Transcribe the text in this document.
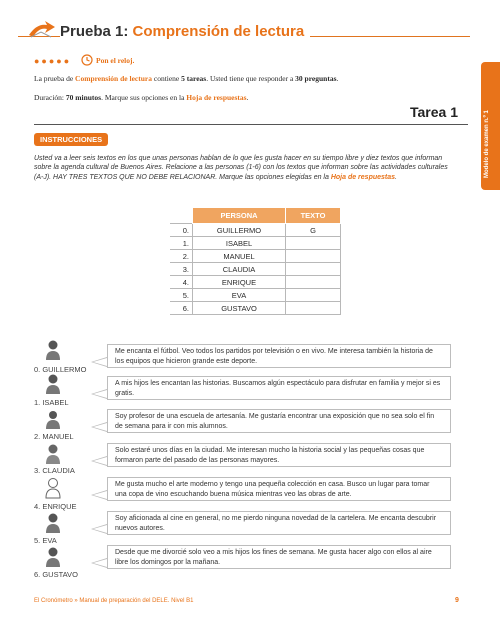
Prueba 1: Comprensión de lectura
●●●●●	Pon el reloj.
La prueba de Comprensión de lectura contiene 5 tareas. Usted tiene que responder a 30 preguntas.
Duración: 70 minutos. Marque sus opciones en la Hoja de respuestas.
Modelo de examen n.º 1
Tarea 1
INSTRUCCIONES
Usted va a leer seis textos en los que unas personas hablan de lo que les gusta hacer en su tiempo libre y diez textos que informan sobre la agenda cultural de Buenos Aires. Relacione a las personas (1-6) con los textos que informan sobre las actividades culturales (A-J). HAY TRES TEXTOS QUE NO DEBE RELACIONAR. Marque las opciones elegidas en la Hoja de respuestas.
	PERSONA	TEXTO
0.	GUILLERMO	G
1.	ISABEL	
2.	MANUEL	
3.	CLAUDIA	
4.	ENRIQUE	
5.	EVA	
6.	GUSTAVO	
0. GUILLERMO
Me encanta el fútbol. Veo todos los partidos por televisión o en vivo. Me interesa también la historia de los equipos que hicieron grande este deporte.
1. ISABEL
A mis hijos les encantan las historias. Buscamos algún espectáculo para disfrutar en familia y mejor si es gratis.
2. MANUEL
Soy profesor de una escuela de artesanía. Me gustaría encontrar una exposición que no sea solo el fin de semana para ir con mis alumnos.
3. CLAUDIA
Solo estaré unos días en la ciudad. Me interesan mucho la historia social y las pequeñas cosas que formaron parte del pasado de las personas mayores.
4. ENRIQUE
Me gusta mucho el arte moderno y tengo una pequeña colección en casa. Busco un lugar para tomar una copa de vino escuchando buena música mientras veo las obras de arte.
5. EVA
Soy aficionada al cine en general, no me pierdo ninguna novedad de la cartelera. Me encanta descubrir nuevos autores.
6. GUSTAVO
Desde que me divorcié solo veo a mis hijos los fines de semana. Me gusta hacer algo con ellos al aire libre los domingos por la mañana.
El Cronómetro » Manual de preparación del DELE. Nivel B1	9
